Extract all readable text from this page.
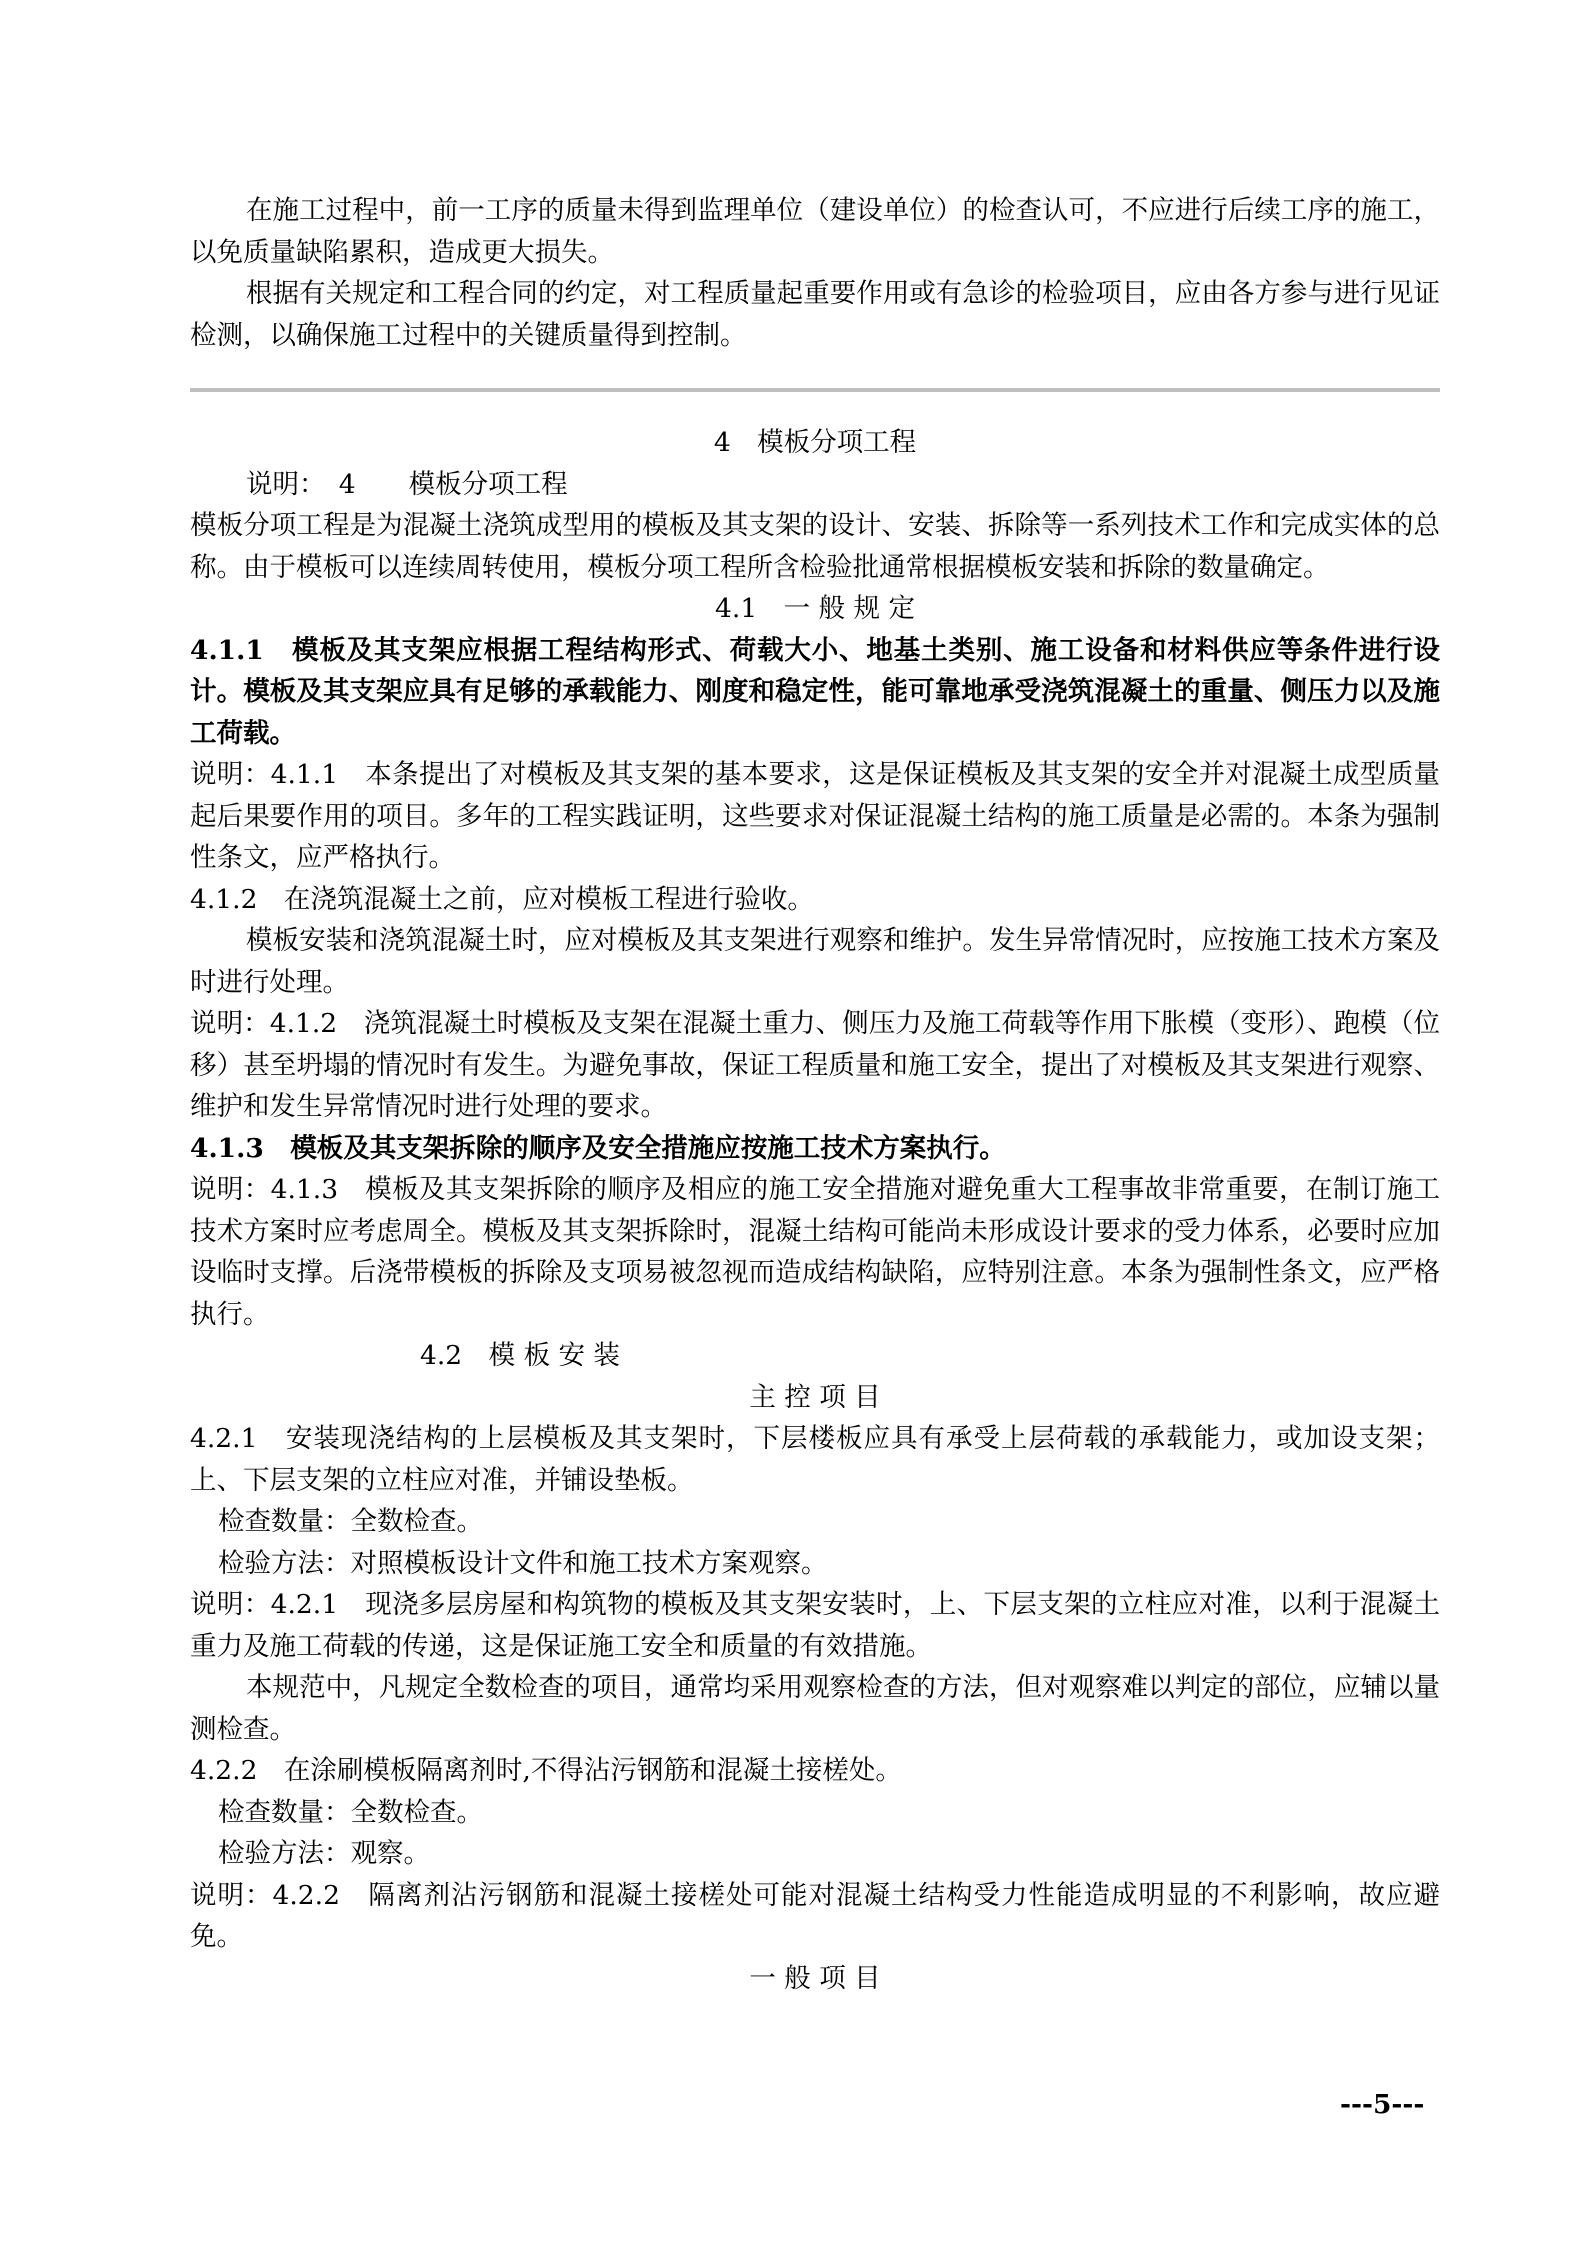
在施工过程中，前一工序的质量未得到监理单位（建设单位）的检查认可，不应进行后续工序的施工，以免质量缺陷累积，造成更大损失。

根据有关规定和工程合同的约定，对工程质量起重要作用或有急诊的检验项目，应由各方参与进行见证检测，以确保施工过程中的关键质量得到控制。

4　模板分项工程

说明：　4　　模板分项工程

模板分项工程是为混凝土浇筑成型用的模板及其支架的设计、安装、拆除等一系列技术工作和完成实体的总称。由于模板可以连续周转使用，模板分项工程所含检验批通常根据模板安装和拆除的数量确定。

4.1　一 般 规 定

4.1.1　模板及其支架应根据工程结构形式、荷载大小、地基土类别、施工设备和材料供应等条件进行设计。模板及其支架应具有足够的承载能力、刚度和稳定性，能可靠地承受浇筑混凝土的重量、侧压力以及施工荷载。

说明：4.1.1　本条提出了对模板及其支架的基本要求，这是保证模板及其支架的安全并对混凝土成型质量起后果要作用的项目。多年的工程实践证明，这些要求对保证混凝土结构的施工质量是必需的。本条为强制性条文，应严格执行。

4.1.2　在浇筑混凝土之前，应对模板工程进行验收。

模板安装和浇筑混凝土时，应对模板及其支架进行观察和维护。发生异常情况时，应按施工技术方案及时进行处理。

说明：4.1.2　浇筑混凝土时模板及支架在混凝土重力、侧压力及施工荷载等作用下胀模（变形）、跑模（位移）甚至坍塌的情况时有发生。为避免事故，保证工程质量和施工安全，提出了对模板及其支架进行观察、维护和发生异常情况时进行处理的要求。

4.1.3　模板及其支架拆除的顺序及安全措施应按施工技术方案执行。

说明：4.1.3　模板及其支架拆除的顺序及相应的施工安全措施对避免重大工程事故非常重要，在制订施工技术方案时应考虑周全。模板及其支架拆除时，混凝土结构可能尚未形成设计要求的受力体系，必要时应加设临时支撑。后浇带模板的拆除及支项易被忽视而造成结构缺陷，应特别注意。本条为强制性条文，应严格执行。

4.2　模 板 安 装

主 控 项 目

4.2.1　安装现浇结构的上层模板及其支架时，下层楼板应具有承受上层荷载的承载能力，或加设支架；上、下层支架的立柱应对准，并铺设垫板。

检查数量：全数检查。

检验方法：对照模板设计文件和施工技术方案观察。

说明：4.2.1　现浇多层房屋和构筑物的模板及其支架安装时，上、下层支架的立柱应对准，以利于混凝土重力及施工荷载的传递，这是保证施工安全和质量的有效措施。

本规范中，凡规定全数检查的项目，通常均采用观察检查的方法，但对观察难以判定的部位，应辅以量测检查。

4.2.2　在涂刷模板隔离剂时,不得沾污钢筋和混凝土接槎处。

检查数量：全数检查。

检验方法：观察。

说明：4.2.2　隔离剂沾污钢筋和混凝土接槎处可能对混凝土结构受力性能造成明显的不利影响，故应避免。

一 般 项 目

---5---
